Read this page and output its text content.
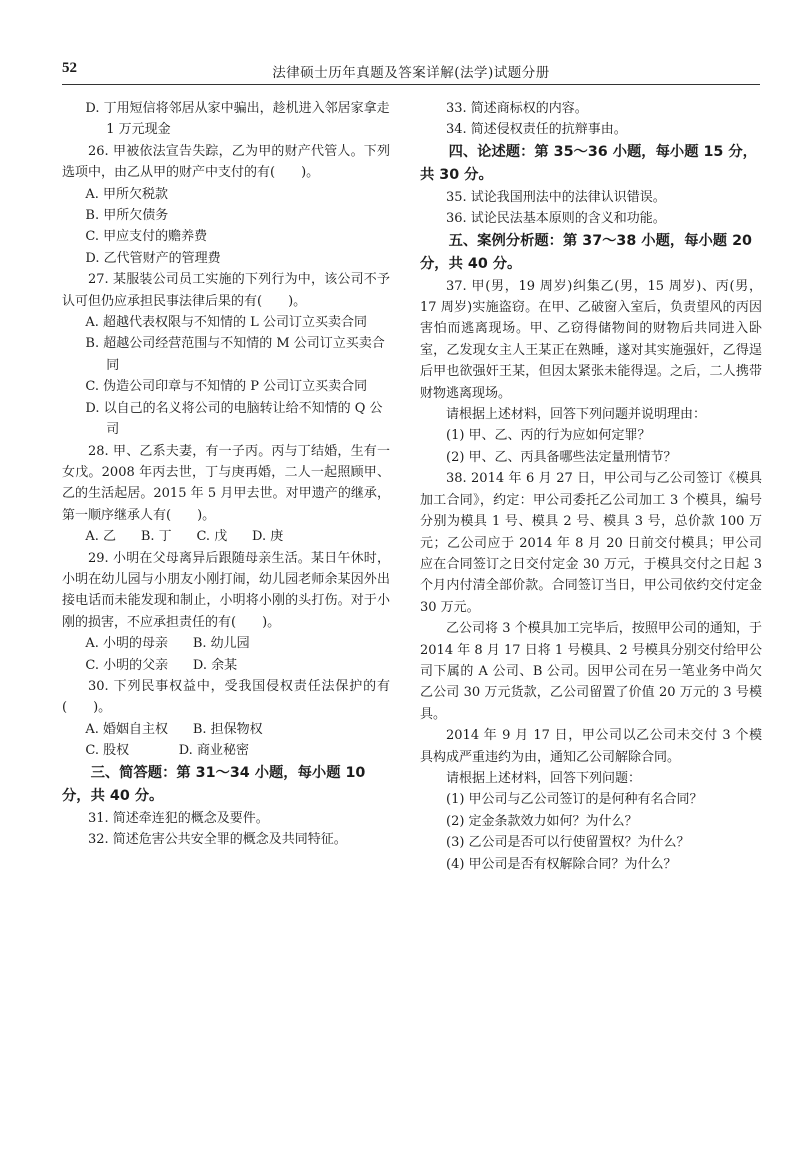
52	法律硕士历年真题及答案详解(法学)试题分册

D. 丁用短信将邻居从家中骗出，趁机进入邻居家拿走 1 万元现金

26. 甲被依法宣告失踪，乙为甲的财产代管人。下列选项中，由乙从甲的财产中支付的有(　　)。

A. 甲所欠税款

B. 甲所欠债务

C. 甲应支付的赡养费

D. 乙代管财产的管理费

27. 某服装公司员工实施的下列行为中，该公司不予认可但仍应承担民事法律后果的有(　　)。

A. 超越代表权限与不知情的 L 公司订立买卖合同

B. 超越公司经营范围与不知情的 M 公司订立买卖合同

C. 伪造公司印章与不知情的 P 公司订立买卖合同

D. 以自己的名义将公司的电脑转让给不知情的 Q 公司

28. 甲、乙系夫妻，有一子丙。丙与丁结婚，生有一女戊。2008 年丙去世，丁与庚再婚，二人一起照顾甲、乙的生活起居。2015 年 5 月甲去世。对甲遗产的继承，第一顺序继承人有(　　)。

A. 乙      B. 丁      C. 戊      D. 庚

29. 小明在父母离异后跟随母亲生活。某日午休时，小明在幼儿园与小朋友小刚打闹，幼儿园老师余某因外出接电话而未能发现和制止，小明将小刚的头打伤。对于小刚的损害，不应承担责任的有(　　)。

A. 小明的母亲      B. 幼儿园

C. 小明的父亲      D. 余某

30. 下列民事权益中，受我国侵权责任法保护的有(　　)。

A. 婚姻自主权      B. 担保物权

C. 股权            D. 商业秘密

三、简答题：第 31～34 小题，每小题 10 分，共 40 分。

31. 简述牵连犯的概念及要件。

32. 简述危害公共安全罪的概念及共同特征。

33. 简述商标权的内容。

34. 简述侵权责任的抗辩事由。

四、论述题：第 35～36 小题，每小题 15 分，共 30 分。

35. 试论我国刑法中的法律认识错误。

36. 试论民法基本原则的含义和功能。

五、案例分析题：第 37～38 小题，每小题 20 分，共 40 分。

37. 甲(男，19 周岁)纠集乙(男，15 周岁)、丙(男，17 周岁)实施盗窃。在甲、乙破窗入室后，负责望风的丙因害怕而逃离现场。甲、乙窃得储物间的财物后共同进入卧室，乙发现女主人王某正在熟睡，遂对其实施强奸，乙得逞后甲也欲强奸王某，但因太紧张未能得逞。之后，二人携带财物逃离现场。

请根据上述材料，回答下列问题并说明理由：

(1) 甲、乙、丙的行为应如何定罪？

(2) 甲、乙、丙具备哪些法定量刑情节？

38. 2014 年 6 月 27 日，甲公司与乙公司签订《模具加工合同》，约定：甲公司委托乙公司加工 3 个模具，编号分别为模具 1 号、模具 2 号、模具 3 号，总价款 100 万元；乙公司应于 2014 年 8 月 20 日前交付模具；甲公司应在合同签订之日交付定金 30 万元，于模具交付之日起 3 个月内付清全部价款。合同签订当日，甲公司依约交付定金 30 万元。

乙公司将 3 个模具加工完毕后，按照甲公司的通知，于 2014 年 8 月 17 日将 1 号模具、2 号模具分别交付给甲公司下属的 A 公司、B 公司。因甲公司在另一笔业务中尚欠乙公司 30 万元货款，乙公司留置了价值 20 万元的 3 号模具。

2014 年 9 月 17 日，甲公司以乙公司未交付 3 个模具构成严重违约为由，通知乙公司解除合同。

请根据上述材料，回答下列问题：

(1) 甲公司与乙公司签订的是何种有名合同？

(2) 定金条款效力如何？为什么？

(3) 乙公司是否可以行使留置权？为什么？

(4) 甲公司是否有权解除合同？为什么？
